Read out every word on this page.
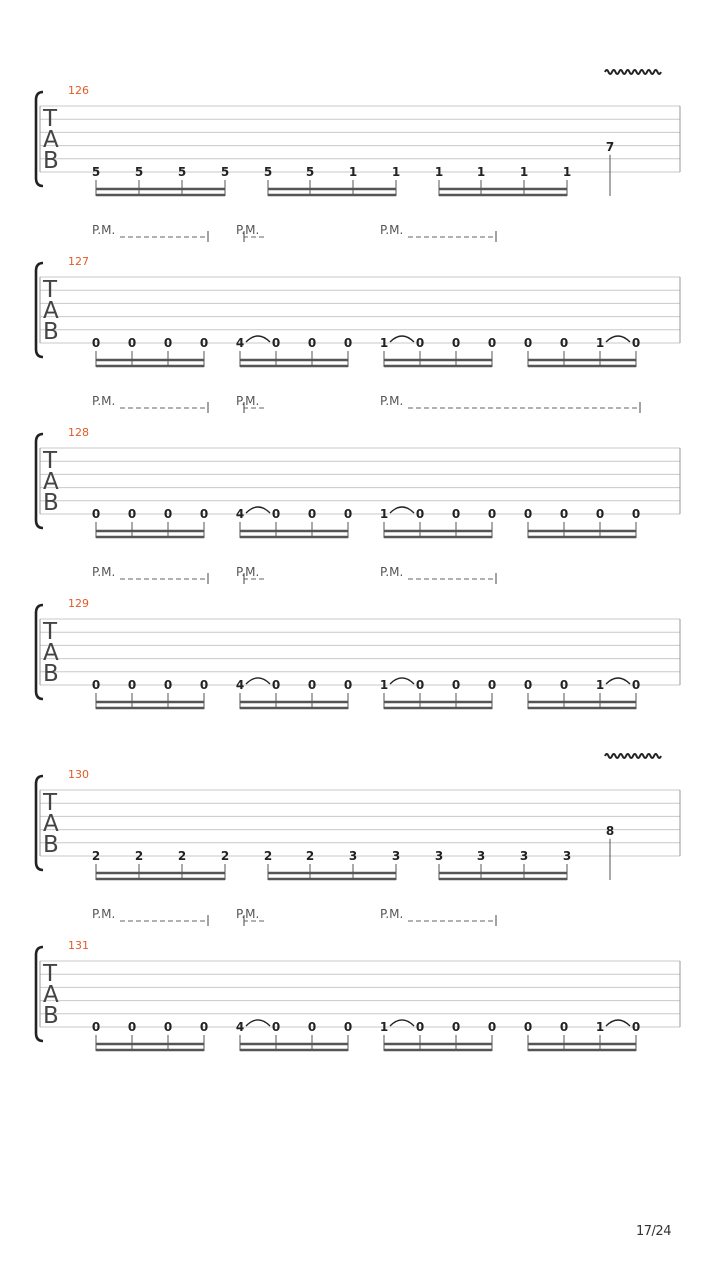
T
A
B
126
5	5	5	5	5	5	1	1	1	1	1	1
7
T
A
B
127
0 0 0 0 4 0 0 0 1 0 0 0 0 0 1 0
P.M.	P.M.	P.M.
T
A
B
128
0 0 0 0 4 0 0 0 1 0 0 0 0 0 0 0
P.M.	P.M.	P.M.
T
A
B
129
0 0 0 0 4 0 0 0 1 0 0 0 0 0 1 0
P.M.	P.M.	P.M.
T
A
B
130
2	2	2	2	2	2	3	3	3	3	3	3
8
T
A
B
131
0 0 0 0 4 0 0 0 1 0 0 0 0 0 1 0
P.M.	P.M.	P.M.
17/24
